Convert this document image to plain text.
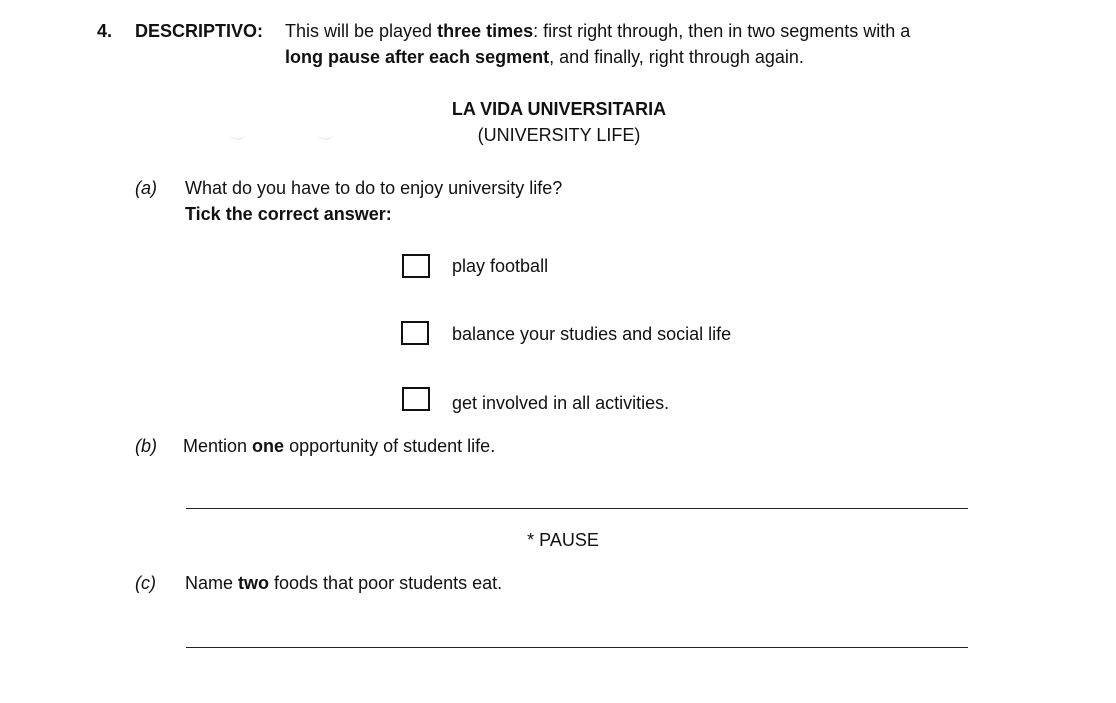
4. DESCRIPTIVO: This will be played three times: first right through, then in two segments with a
long pause after each segment, and finally, right through again.
LA VIDA UNIVERSITARIA
(UNIVERSITY LIFE)
(a) What do you have to do to enjoy university life?
Tick the correct answer:
play football
balance your studies and social life
get involved in all activities.
(b) Mention one opportunity of student life.
* PAUSE
(c) Name two foods that poor students eat.
